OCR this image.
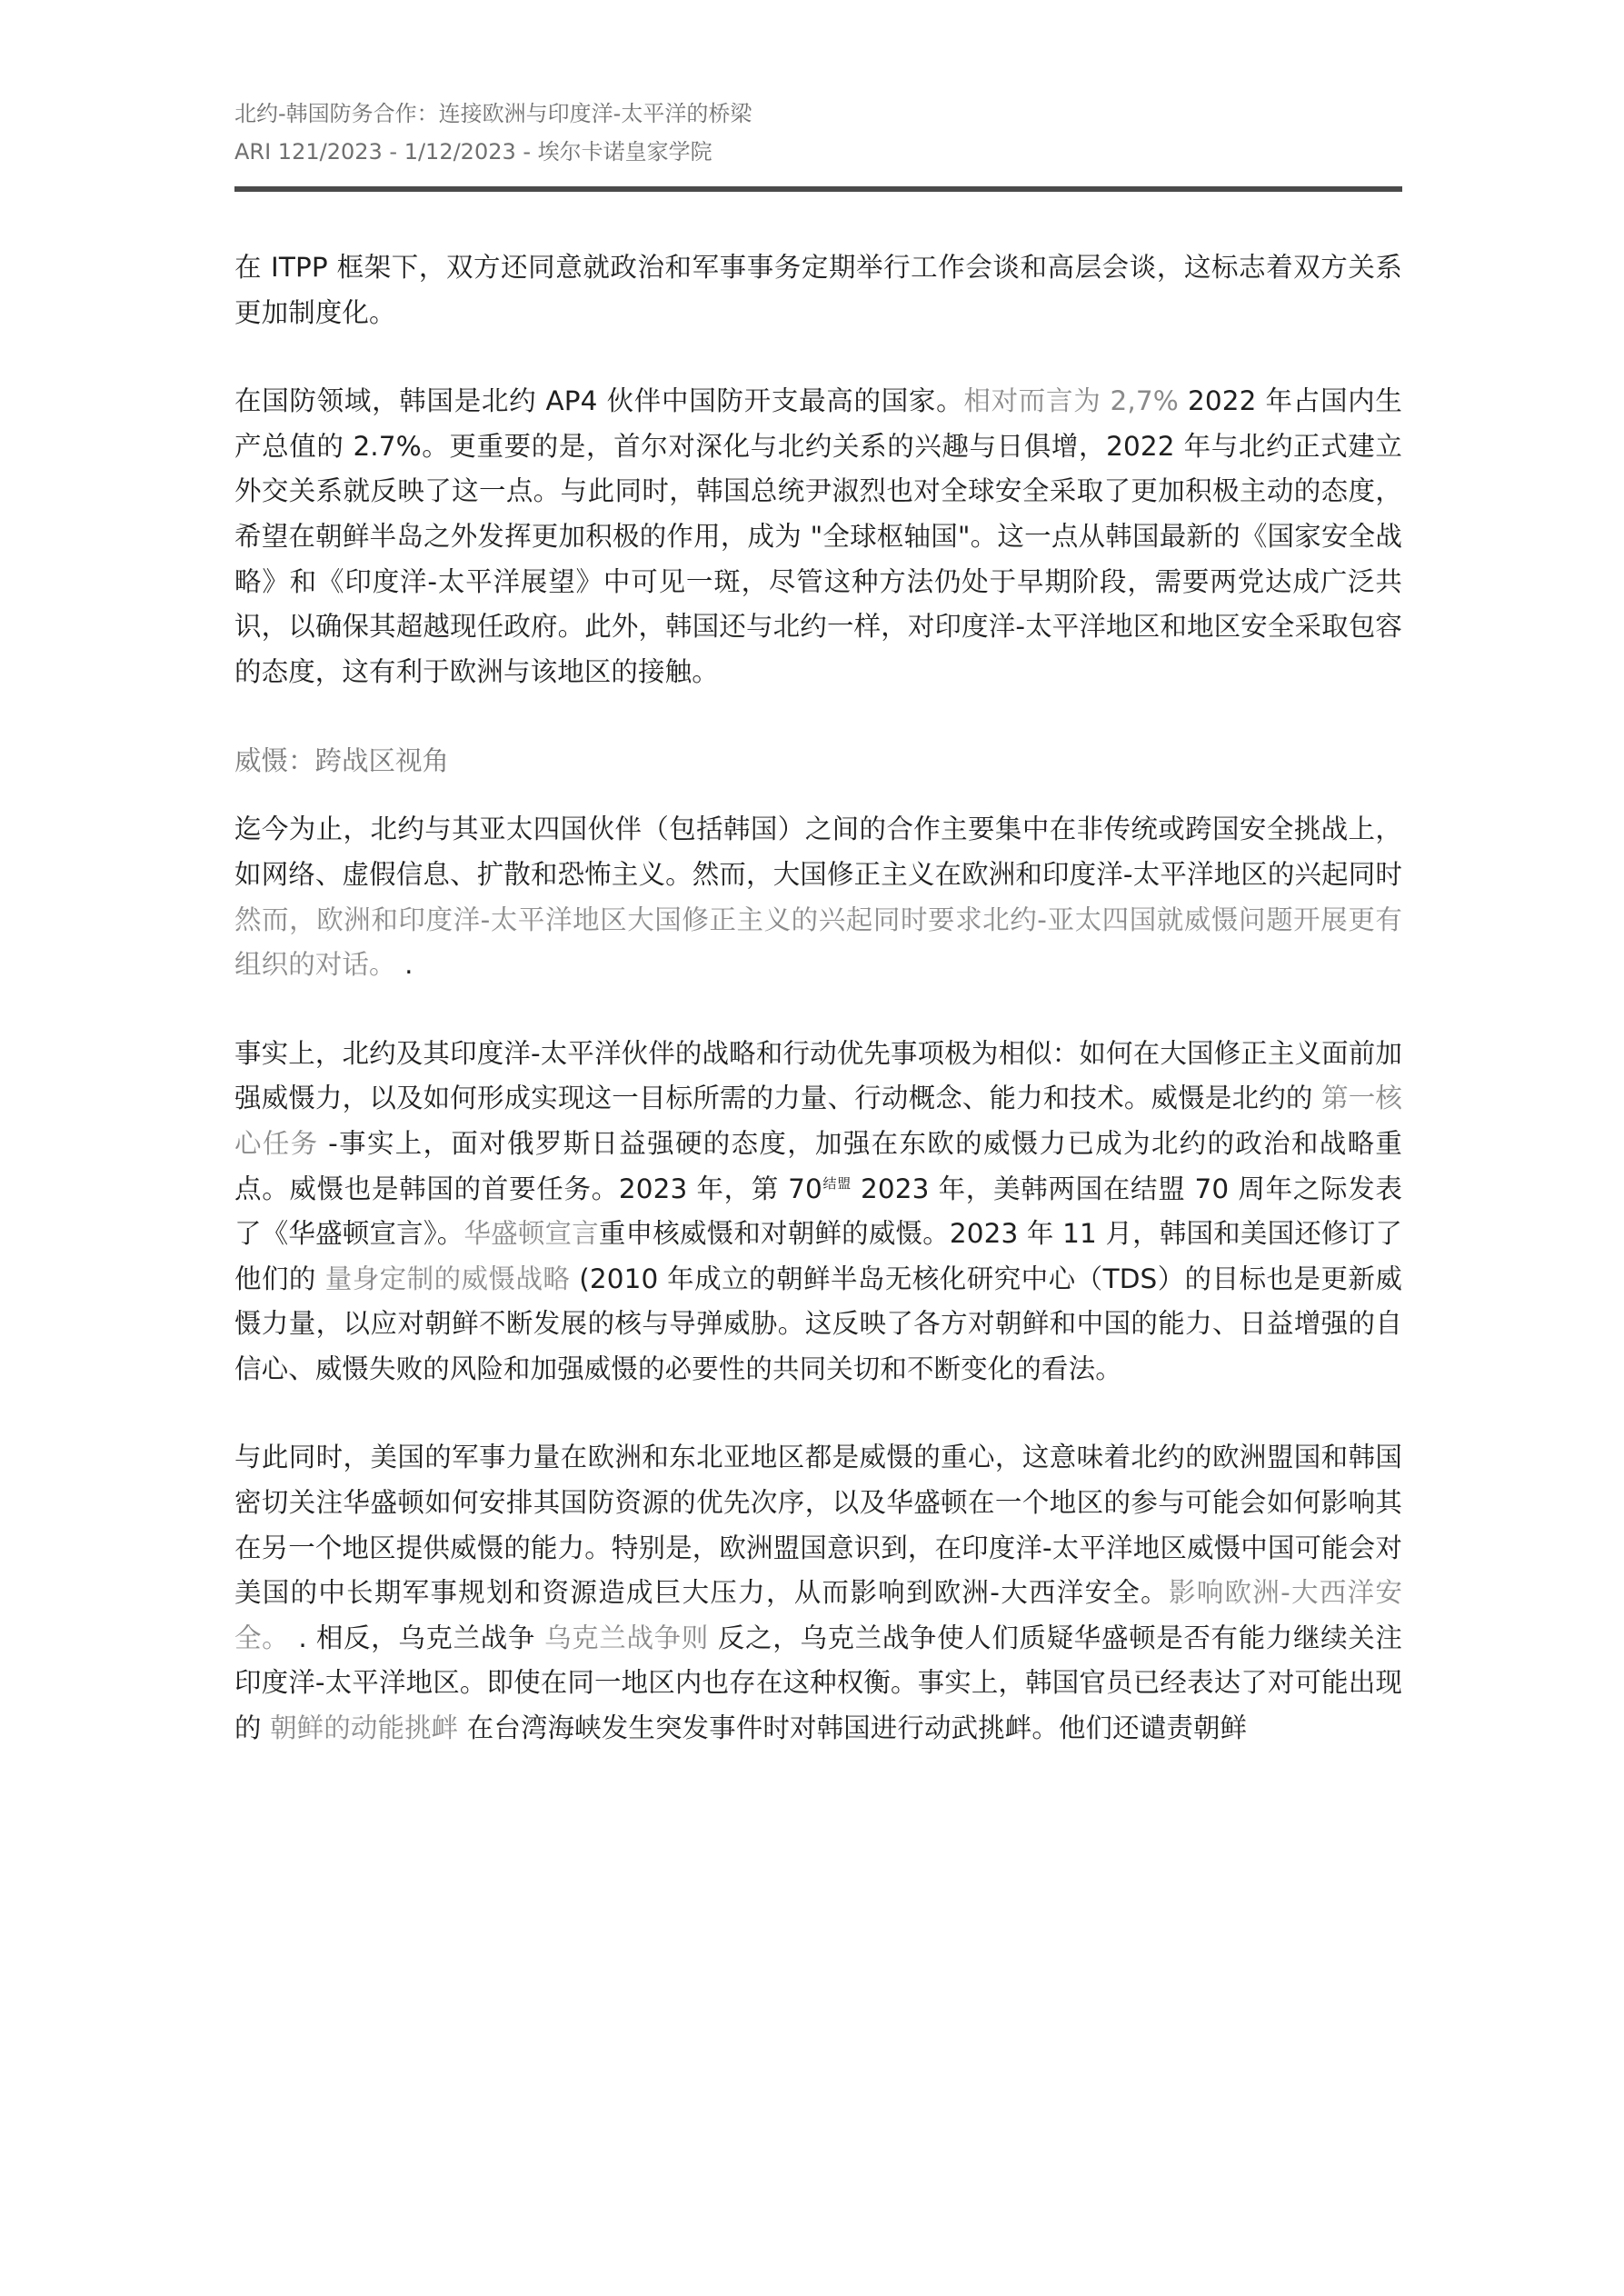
北约-韩国防务合作：连接欧洲与印度洋-太平洋的桥梁
ARI 121/2023 - 1/12/2023 - 埃尔卡诺皇家学院

在 ITPP 框架下，双方还同意就政治和军事事务定期举行工作会谈和高层会谈，这标志着双方关系更加制度化。

在国防领域，韩国是北约 AP4 伙伴中国防开支最高的国家。相对而言为 2,7% 2022 年占国内生产总值的 2.7%。更重要的是，首尔对深化与北约关系的兴趣与日俱增，2022 年与北约正式建立外交关系就反映了这一点。与此同时，韩国总统尹淑烈也对全球安全采取了更加积极主动的态度，希望在朝鲜半岛之外发挥更加积极的作用，成为 "全球枢轴国"。这一点从韩国最新的《国家安全战略》和《印度洋-太平洋展望》中可见一斑，尽管这种方法仍处于早期阶段，需要两党达成广泛共识，以确保其超越现任政府。此外，韩国还与北约一样，对印度洋-太平洋地区和地区安全采取包容的态度，这有利于欧洲与该地区的接触。

威慑：跨战区视角

迄今为止，北约与其亚太四国伙伴（包括韩国）之间的合作主要集中在非传统或跨国安全挑战上，如网络、虚假信息、扩散和恐怖主义。然而，大国修正主义在欧洲和印度洋-太平洋地区的兴起同时 然而，欧洲和印度洋-太平洋地区大国修正主义的兴起同时要求北约-亚太四国就威慑问题开展更有组织的对话。 .

事实上，北约及其印度洋-太平洋伙伴的战略和行动优先事项极为相似：如何在大国修正主义面前加强威慑力，以及如何形成实现这一目标所需的力量、行动概念、能力和技术。威慑是北约的 第一核心任务 -事实上，面对俄罗斯日益强硬的态度，加强在东欧的威慑力已成为北约的政治和战略重点。威慑也是韩国的首要任务。2023 年，第 $70^{结盟}$ 2023 年，美韩两国在结盟 70 周年之际发表了《华盛顿宣言》。华盛顿宣言重申核威慑和对朝鲜的威慑。2023 年 11 月，韩国和美国还修订了他们的 量身定制的威慑战略 (2010 年成立的朝鲜半岛无核化研究中心（TDS）的目标也是更新威慑力量，以应对朝鲜不断发展的核与导弹威胁。这反映了各方对朝鲜和中国的能力、日益增强的自信心、威慑失败的风险和加强威慑的必要性的共同关切和不断变化的看法。

与此同时，美国的军事力量在欧洲和东北亚地区都是威慑的重心，这意味着北约的欧洲盟国和韩国密切关注华盛顿如何安排其国防资源的优先次序，以及华盛顿在一个地区的参与可能会如何影响其在另一个地区提供威慑的能力。特别是，欧洲盟国意识到，在印度洋-太平洋地区威慑中国可能会对美国的中长期军事规划和资源造成巨大压力，从而影响到欧洲-大西洋安全。影响欧洲-大西洋安全。 . 相反，乌克兰战争 乌克兰战争则 反之，乌克兰战争使人们质疑华盛顿是否有能力继续关注印度洋-太平洋地区。即使在同一地区内也存在这种权衡。事实上，韩国官员已经表达了对可能出现的 朝鲜的动能挑衅 在台湾海峡发生突发事件时对韩国进行动武挑衅。他们还谴责朝鲜
